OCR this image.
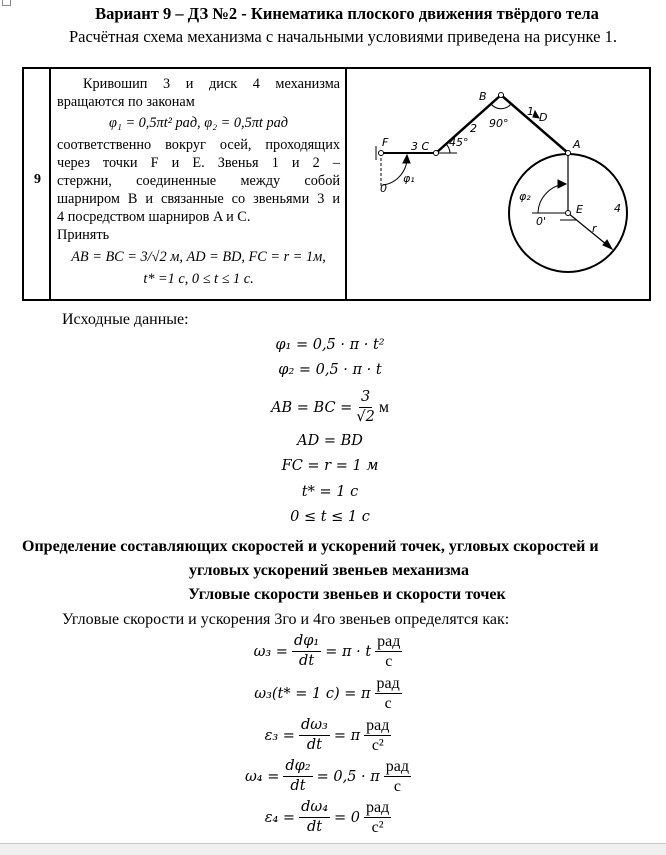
Вариант 9 – ДЗ №2 - Кинематика плоского движения твёрдого тела
Расчётная схема механизма с начальными условиями приведена на рисунке 1.
9
Кривошип 3 и диск 4 механизма
вращаются по законам
φ₁ = 0,5πt² рад, φ₂ = 0,5πt рад
соответственно вокруг осей, проходящих
через точки F и E. Звенья 1 и 2 –
стержни, соединенные между собой
шарниром B и связанные со звеньями 3 и
4 посредством шарниров A и C.
Принять
AB = BC = 3/√2 м, AD = BD, FC = r = 1м,
t* =1 c, 0 ≤ t ≤ 1 c.
F 3 C 45°
B
2 90°
1 D
A
φ₁
0
φ₂
E
0'
4
r
Исходные данные:
φ₁ = 0,5 · π · t²
φ₂ = 0,5 · π · t
AB = BC = $\frac{3}{√2}$ м
AD = BD
FC = r = 1 м
t* = 1 c
0 ≤ t ≤ 1 c
Определение составляющих скоростей и ускорений точек, угловых скоростей и
угловых ускорений звеньев механизма
Угловые скорости звеньев и скорости точек
Угловые скорости и ускорения 3го и 4го звеньев определятся как:
$\omega_3 = \frac{\text{dφ₁}}{dt} = \pi \cdot t \frac{\text{рад}}{с}$
ω₃(t* = 1 c) = π $\frac{\text{рад}}{с}$
$\varepsilon_3 = \frac{\text{dω₃}}{dt} = \pi \frac{\text{рад}}{\text{с²}}$
$\omega_4 = \frac{\text{dφ₂}}{dt} = 0,5 \cdot \pi \frac{\text{рад}}{с}$
$\varepsilon_4 = \frac{\text{dω₄}}{dt} = 0 \frac{\text{рад}}{\text{с²}}$
